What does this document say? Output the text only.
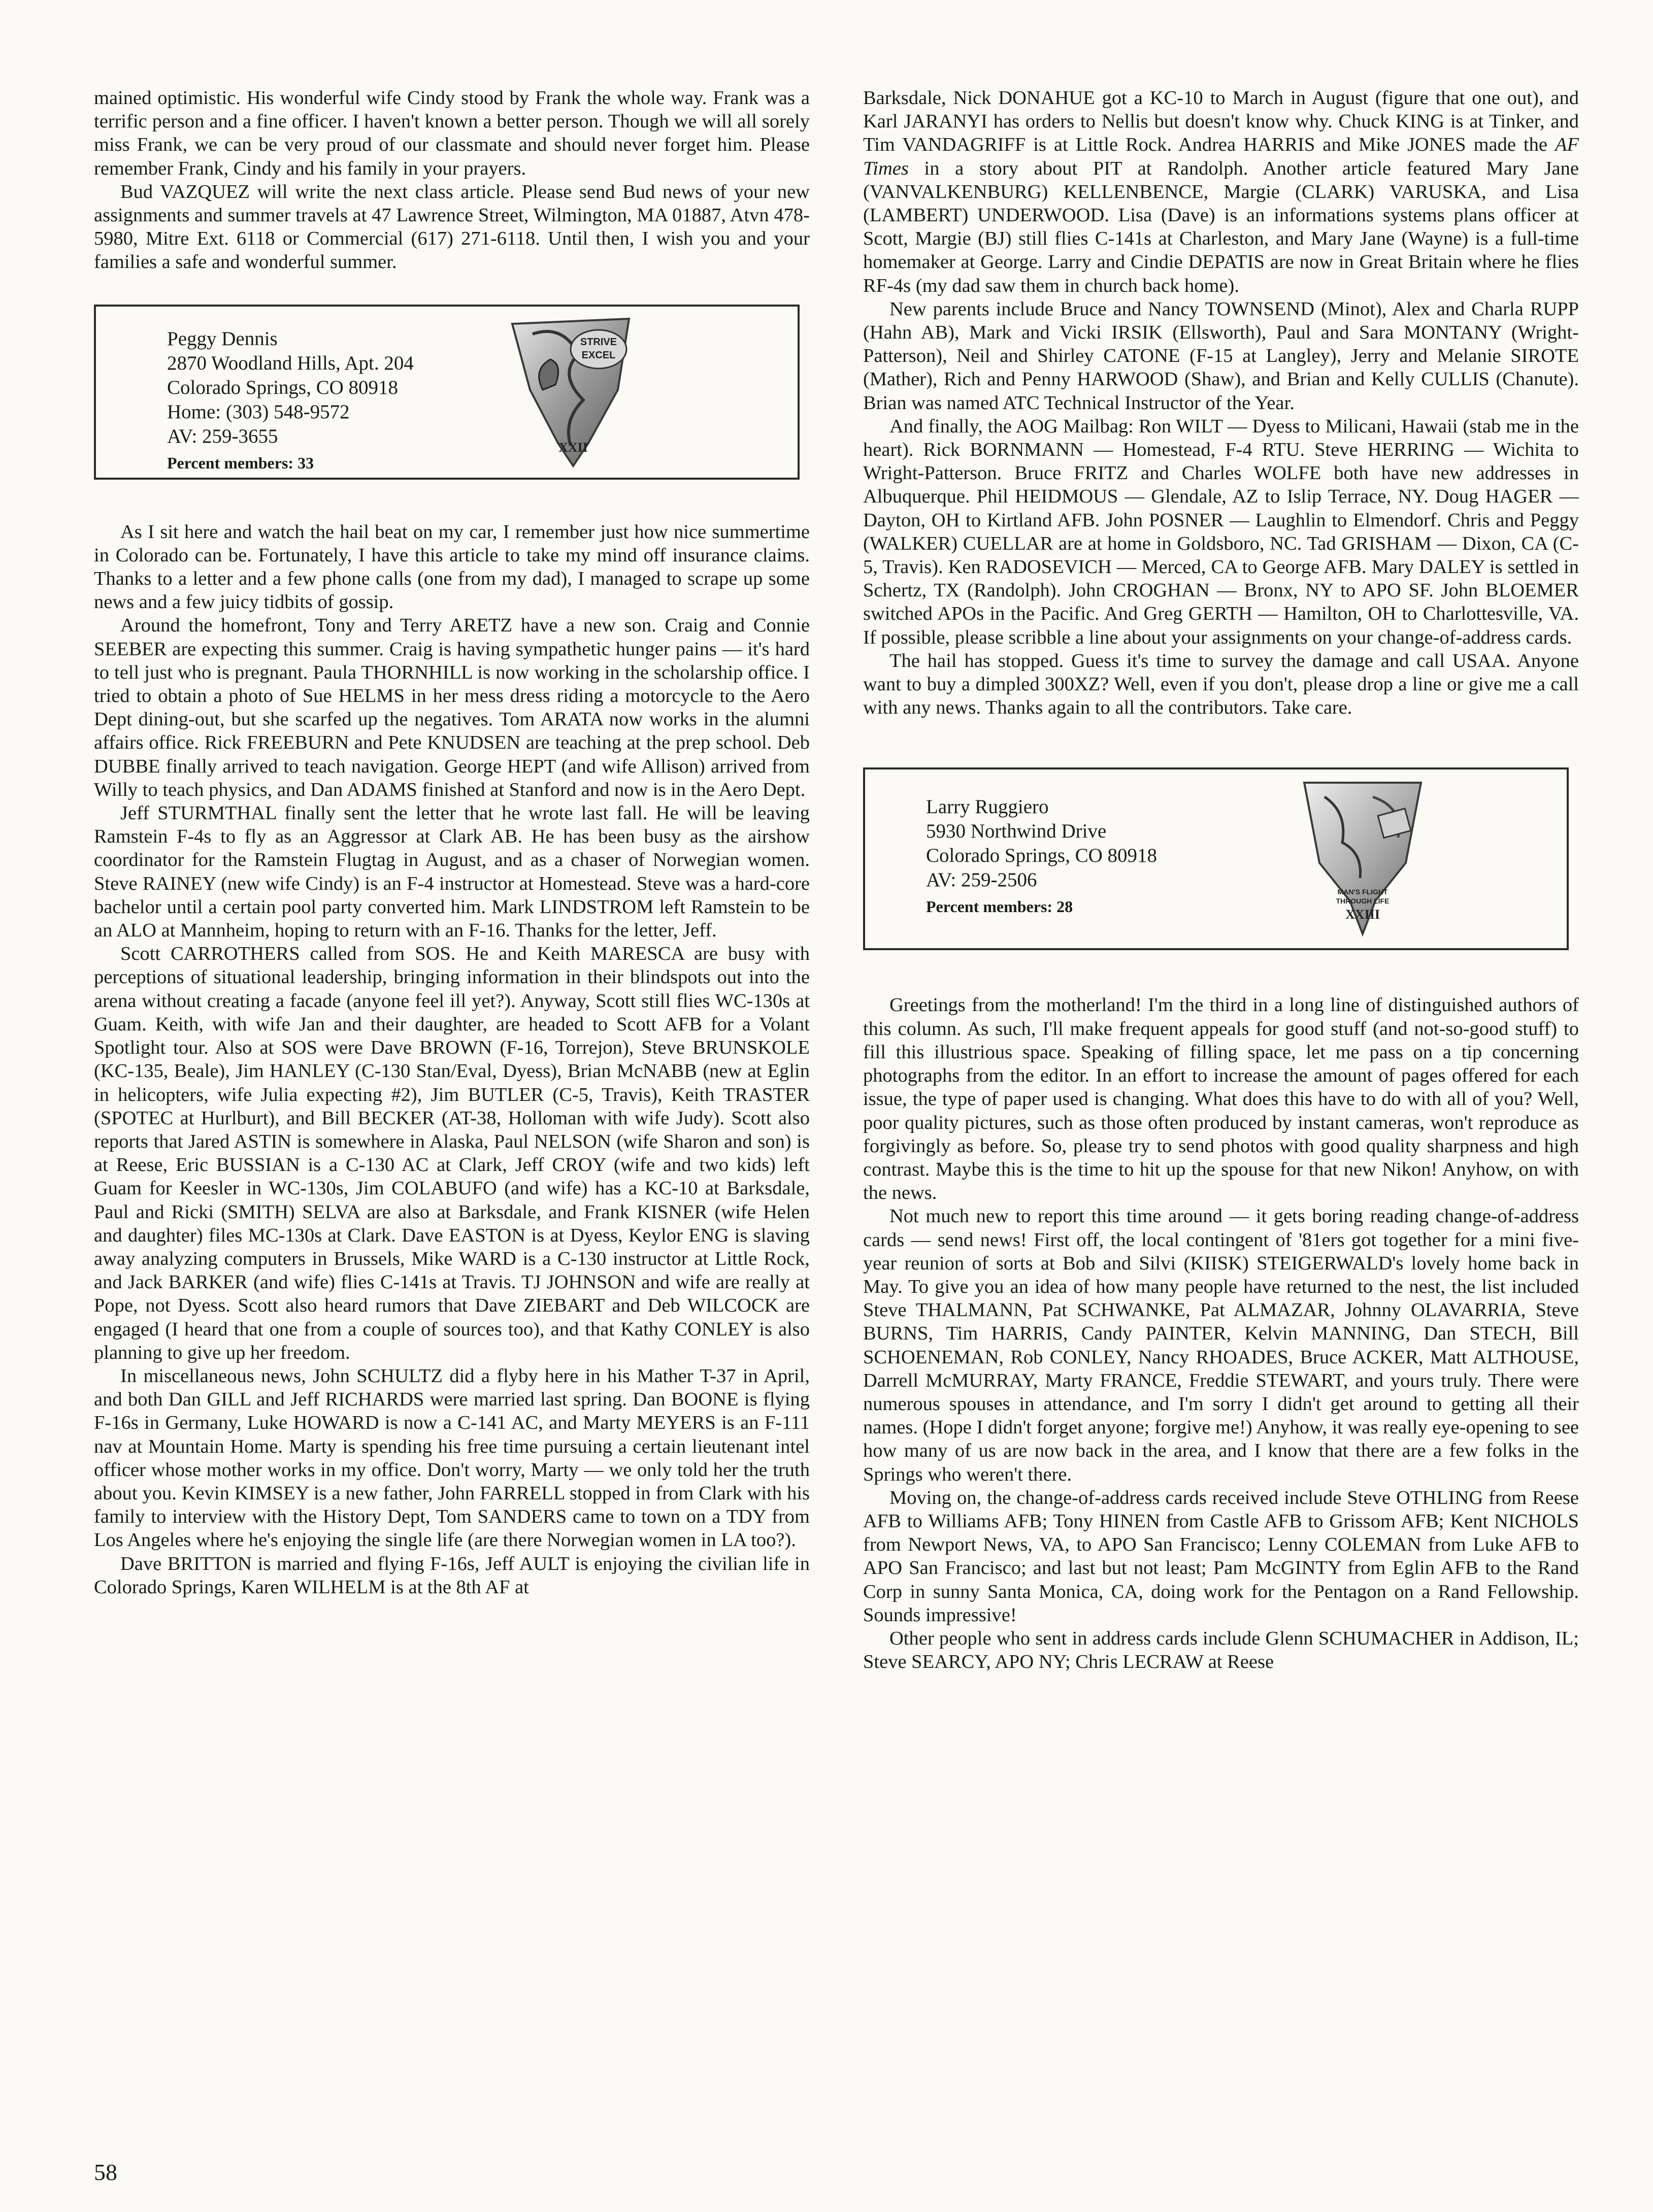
mained optimistic. His wonderful wife Cindy stood by Frank the whole way. Frank was a terrific person and a fine officer. I haven't known a better person. Though we will all sorely miss Frank, we can be very proud of our classmate and should never forget him. Please remember Frank, Cindy and his family in your prayers.

Bud VAZQUEZ will write the next class article. Please send Bud news of your new assignments and summer travels at 47 Lawrence Street, Wilmington, MA 01887, Atvn 478-5980, Mitre Ext. 6118 or Commercial (617) 271-6118. Until then, I wish you and your families a safe and wonderful summer.

Peggy Dennis
2870 Woodland Hills, Apt. 204
Colorado Springs, CO 80918
Home: (303) 548-9572
AV: 259-3655
Percent members: 33
STRIVE
EXCEL
XXII

As I sit here and watch the hail beat on my car, I remember just how nice summertime in Colorado can be. Fortunately, I have this article to take my mind off insurance claims. Thanks to a letter and a few phone calls (one from my dad), I managed to scrape up some news and a few juicy tidbits of gossip.

Around the homefront, Tony and Terry ARETZ have a new son. Craig and Connie SEEBER are expecting this summer. Craig is having sympathetic hunger pains — it's hard to tell just who is pregnant. Paula THORNHILL is now working in the scholarship office. I tried to obtain a photo of Sue HELMS in her mess dress riding a motorcycle to the Aero Dept dining-out, but she scarfed up the negatives. Tom ARATA now works in the alumni affairs office. Rick FREEBURN and Pete KNUDSEN are teaching at the prep school. Deb DUBBE finally arrived to teach navigation. George HEPT (and wife Allison) arrived from Willy to teach physics, and Dan ADAMS finished at Stanford and now is in the Aero Dept.

Jeff STURMTHAL finally sent the letter that he wrote last fall. He will be leaving Ramstein F-4s to fly as an Aggressor at Clark AB. He has been busy as the airshow coordinator for the Ramstein Flugtag in August, and as a chaser of Norwegian women. Steve RAINEY (new wife Cindy) is an F-4 instructor at Homestead. Steve was a hard-core bachelor until a certain pool party converted him. Mark LINDSTROM left Ramstein to be an ALO at Mannheim, hoping to return with an F-16. Thanks for the letter, Jeff.

Scott CARROTHERS called from SOS. He and Keith MARESCA are busy with perceptions of situational leadership, bringing information in their blindspots out into the arena without creating a facade (anyone feel ill yet?). Anyway, Scott still flies WC-130s at Guam. Keith, with wife Jan and their daughter, are headed to Scott AFB for a Volant Spotlight tour. Also at SOS were Dave BROWN (F-16, Torrejon), Steve BRUNSKOLE (KC-135, Beale), Jim HANLEY (C-130 Stan/Eval, Dyess), Brian McNABB (new at Eglin in helicopters, wife Julia expecting #2), Jim BUTLER (C-5, Travis), Keith TRASTER (SPOTEC at Hurlburt), and Bill BECKER (AT-38, Holloman with wife Judy). Scott also reports that Jared ASTIN is somewhere in Alaska, Paul NELSON (wife Sharon and son) is at Reese, Eric BUSSIAN is a C-130 AC at Clark, Jeff CROY (wife and two kids) left Guam for Keesler in WC-130s, Jim COLABUFO (and wife) has a KC-10 at Barksdale, Paul and Ricki (SMITH) SELVA are also at Barksdale, and Frank KISNER (wife Helen and daughter) files MC-130s at Clark. Dave EASTON is at Dyess, Keylor ENG is slaving away analyzing computers in Brussels, Mike WARD is a C-130 instructor at Little Rock, and Jack BARKER (and wife) flies C-141s at Travis. TJ JOHNSON and wife are really at Pope, not Dyess. Scott also heard rumors that Dave ZIEBART and Deb WILCOCK are engaged (I heard that one from a couple of sources too), and that Kathy CONLEY is also planning to give up her freedom.

In miscellaneous news, John SCHULTZ did a flyby here in his Mather T-37 in April, and both Dan GILL and Jeff RICHARDS were married last spring. Dan BOONE is flying F-16s in Germany, Luke HOWARD is now a C-141 AC, and Marty MEYERS is an F-111 nav at Mountain Home. Marty is spending his free time pursuing a certain lieutenant intel officer whose mother works in my office. Don't worry, Marty — we only told her the truth about you. Kevin KIMSEY is a new father, John FARRELL stopped in from Clark with his family to interview with the History Dept, Tom SANDERS came to town on a TDY from Los Angeles where he's enjoying the single life (are there Norwegian women in LA too?).

Dave BRITTON is married and flying F-16s, Jeff AULT is enjoying the civilian life in Colorado Springs, Karen WILHELM is at the 8th AF at

Barksdale, Nick DONAHUE got a KC-10 to March in August (figure that one out), and Karl JARANYI has orders to Nellis but doesn't know why. Chuck KING is at Tinker, and Tim VANDAGRIFF is at Little Rock. Andrea HARRIS and Mike JONES made the AF Times in a story about PIT at Randolph. Another article featured Mary Jane (VANVALKENBURG) KELLENBENCE, Margie (CLARK) VARUSKA, and Lisa (LAMBERT) UNDERWOOD. Lisa (Dave) is an informations systems plans officer at Scott, Margie (BJ) still flies C-141s at Charleston, and Mary Jane (Wayne) is a full-time homemaker at George. Larry and Cindie DEPATIS are now in Great Britain where he flies RF-4s (my dad saw them in church back home).

New parents include Bruce and Nancy TOWNSEND (Minot), Alex and Charla RUPP (Hahn AB), Mark and Vicki IRSIK (Ellsworth), Paul and Sara MONTANY (Wright-Patterson), Neil and Shirley CATONE (F-15 at Langley), Jerry and Melanie SIROTE (Mather), Rich and Penny HARWOOD (Shaw), and Brian and Kelly CULLIS (Chanute). Brian was named ATC Technical Instructor of the Year.

And finally, the AOG Mailbag: Ron WILT — Dyess to Milicani, Hawaii (stab me in the heart). Rick BORNMANN — Homestead, F-4 RTU. Steve HERRING — Wichita to Wright-Patterson. Bruce FRITZ and Charles WOLFE both have new addresses in Albuquerque. Phil HEIDMOUS — Glendale, AZ to Islip Terrace, NY. Doug HAGER — Dayton, OH to Kirtland AFB. John POSNER — Laughlin to Elmendorf. Chris and Peggy (WALKER) CUELLAR are at home in Goldsboro, NC. Tad GRISHAM — Dixon, CA (C-5, Travis). Ken RADOSEVICH — Merced, CA to George AFB. Mary DALEY is settled in Schertz, TX (Randolph). John CROGHAN — Bronx, NY to APO SF. John BLOEMER switched APOs in the Pacific. And Greg GERTH — Hamilton, OH to Charlottesville, VA. If possible, please scribble a line about your assignments on your change-of-address cards.

The hail has stopped. Guess it's time to survey the damage and call USAA. Anyone want to buy a dimpled 300XZ? Well, even if you don't, please drop a line or give me a call with any news. Thanks again to all the contributors. Take care.

Larry Ruggiero
5930 Northwind Drive
Colorado Springs, CO 80918
AV: 259-2506
Percent members: 28
MAN'S FLIGHT
THROUGH LIFE
XXIII

Greetings from the motherland! I'm the third in a long line of distinguished authors of this column. As such, I'll make frequent appeals for good stuff (and not-so-good stuff) to fill this illustrious space. Speaking of filling space, let me pass on a tip concerning photographs from the editor. In an effort to increase the amount of pages offered for each issue, the type of paper used is changing. What does this have to do with all of you? Well, poor quality pictures, such as those often produced by instant cameras, won't reproduce as forgivingly as before. So, please try to send photos with good quality sharpness and high contrast. Maybe this is the time to hit up the spouse for that new Nikon! Anyhow, on with the news.

Not much new to report this time around — it gets boring reading change-of-address cards — send news! First off, the local contingent of '81ers got together for a mini five-year reunion of sorts at Bob and Silvi (KIISK) STEIGERWALD's lovely home back in May. To give you an idea of how many people have returned to the nest, the list included Steve THALMANN, Pat SCHWANKE, Pat ALMAZAR, Johnny OLAVARRIA, Steve BURNS, Tim HARRIS, Candy PAINTER, Kelvin MANNING, Dan STECH, Bill SCHOENEMAN, Rob CONLEY, Nancy RHOADES, Bruce ACKER, Matt ALTHOUSE, Darrell McMURRAY, Marty FRANCE, Freddie STEWART, and yours truly. There were numerous spouses in attendance, and I'm sorry I didn't get around to getting all their names. (Hope I didn't forget anyone; forgive me!) Anyhow, it was really eye-opening to see how many of us are now back in the area, and I know that there are a few folks in the Springs who weren't there.

Moving on, the change-of-address cards received include Steve OTHLING from Reese AFB to Williams AFB; Tony HINEN from Castle AFB to Grissom AFB; Kent NICHOLS from Newport News, VA, to APO San Francisco; Lenny COLEMAN from Luke AFB to APO San Francisco; and last but not least; Pam McGINTY from Eglin AFB to the Rand Corp in sunny Santa Monica, CA, doing work for the Pentagon on a Rand Fellowship. Sounds impressive!

Other people who sent in address cards include Glenn SCHUMACHER in Addison, IL; Steve SEARCY, APO NY; Chris LECRAW at Reese

58
